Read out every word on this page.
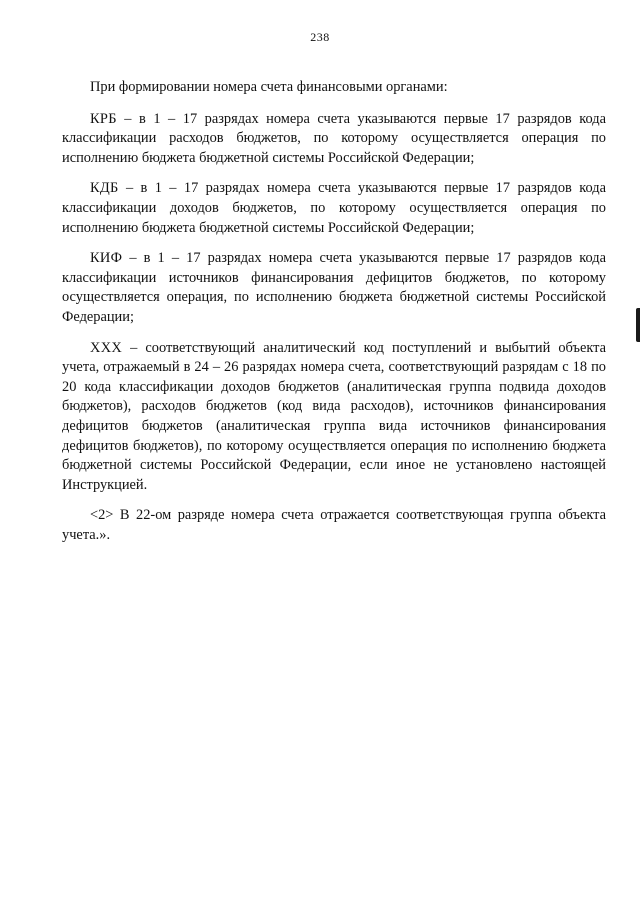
238

При формировании номера счета финансовыми органами:

КРБ – в 1 – 17 разрядах номера счета указываются первые 17 разрядов кода классификации расходов бюджетов, по которому осуществляется операция по исполнению бюджета бюджетной системы Российской Федерации;

КДБ – в 1 – 17 разрядах номера счета указываются первые 17 разрядов кода классификации доходов бюджетов, по которому осуществляется операция по исполнению бюджета бюджетной системы Российской Федерации;

КИФ – в 1 – 17 разрядах номера счета указываются первые 17 разрядов кода классификации источников финансирования дефицитов бюджетов, по которому осуществляется операция, по исполнению бюджета бюджетной системы Российской Федерации;

ХХХ – соответствующий аналитический код поступлений и выбытий объекта учета, отражаемый в 24 – 26 разрядах номера счета, соответствующий разрядам с 18 по 20 кода классификации доходов бюджетов (аналитическая группа подвида доходов бюджетов), расходов бюджетов (код вида расходов), источников финансирования дефицитов бюджетов (аналитическая группа вида источников финансирования дефицитов бюджетов), по которому осуществляется операция по исполнению бюджета бюджетной системы Российской Федерации, если иное не установлено настоящей Инструкцией.

<2> В 22-ом разряде номера счета отражается соответствующая группа объекта учета.».
